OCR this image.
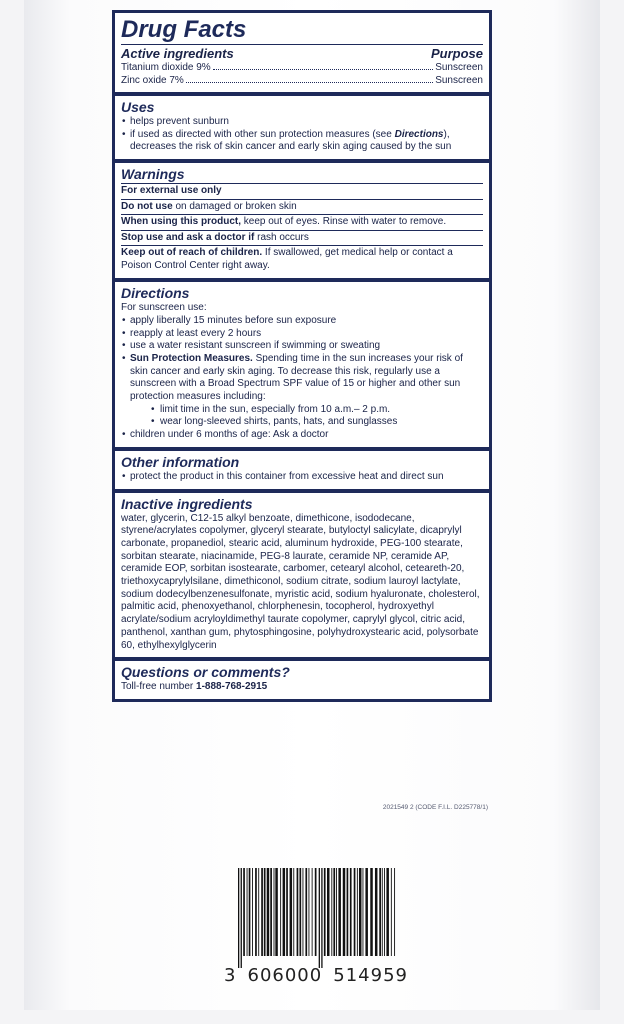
Drug Facts
Active ingredients	Purpose
Titanium dioxide 9%	Sunscreen
Zinc oxide 7%	Sunscreen
Uses
• helps prevent sunburn
• if used as directed with other sun protection measures (see Directions), decreases the risk of skin cancer and early skin aging caused by the sun
Warnings
For external use only
Do not use on damaged or broken skin
When using this product, keep out of eyes. Rinse with water to remove.
Stop use and ask a doctor if rash occurs
Keep out of reach of children. If swallowed, get medical help or contact a Poison Control Center right away.
Directions
For sunscreen use:
• apply liberally 15 minutes before sun exposure
• reapply at least every 2 hours
• use a water resistant sunscreen if swimming or sweating
• Sun Protection Measures. Spending time in the sun increases your risk of skin cancer and early skin aging. To decrease this risk, regularly use a sunscreen with a Broad Spectrum SPF value of 15 or higher and other sun protection measures including:
• limit time in the sun, especially from 10 a.m.– 2 p.m.
• wear long-sleeved shirts, pants, hats, and sunglasses
• children under 6 months of age: Ask a doctor
Other information
• protect the product in this container from excessive heat and direct sun
Inactive ingredients
water, glycerin, C12-15 alkyl benzoate, dimethicone, isododecane, styrene/acrylates copolymer, glyceryl stearate, butyloctyl salicylate, dicaprylyl carbonate, propanediol, stearic acid, aluminum hydroxide, PEG-100 stearate, sorbitan stearate, niacinamide, PEG-8 laurate, ceramide NP, ceramide AP, ceramide EOP, sorbitan isostearate, carbomer, cetearyl alcohol, ceteareth-20, triethoxycaprylylsilane, dimethiconol, sodium citrate, sodium lauroyl lactylate, sodium dodecylbenzenesulfonate, myristic acid, sodium hyaluronate, cholesterol, palmitic acid, phenoxyethanol, chlorphenesin, tocopherol, hydroxyethyl acrylate/sodium acryloyldimethyl taurate copolymer, caprylyl glycol, citric acid, panthenol, xanthan gum, phytosphingosine, polyhydroxystearic acid, polysorbate 60, ethylhexylglycerin
Questions or comments?
Toll-free number 1-888-768-2915
2021549 2 (CODE F.I.L. D225778/1)
3 606000 514959
